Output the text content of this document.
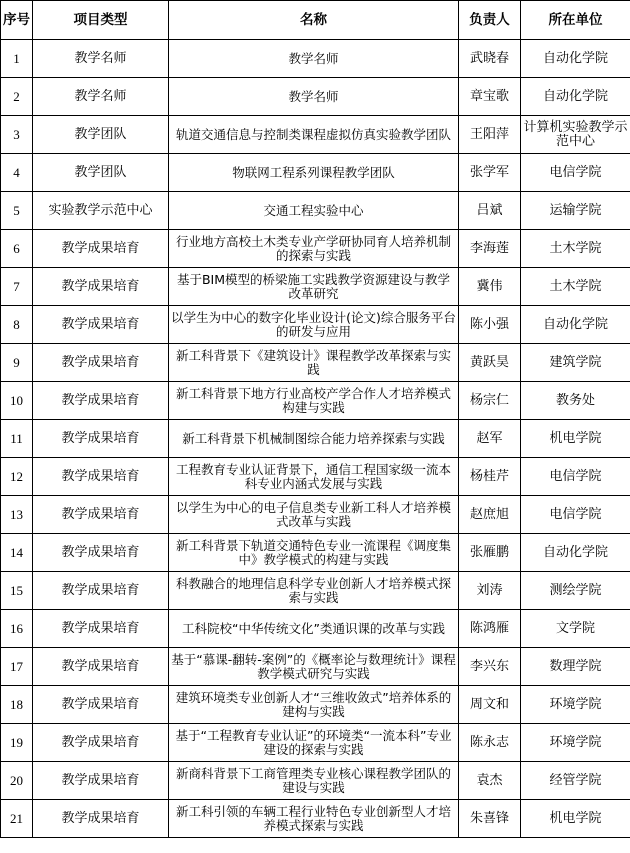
序号	项目类型	名称	负责人	所在单位
1	教学名师	教学名师	武晓春	自动化学院
2	教学名师	教学名师	章宝歌	自动化学院
3	教学团队	轨道交通信息与控制类课程虚拟仿真实验教学团队	王阳萍	计算机实验教学示范中心
4	教学团队	物联网工程系列课程教学团队	张学军	电信学院
5	实验教学示范中心	交通工程实验中心	吕斌	运输学院
6	教学成果培育	行业地方高校土木类专业产学研协同育人培养机制的探索与实践	李海莲	土木学院
7	教学成果培育	基于BIM模型的桥梁施工实践教学资源建设与教学改革研究	冀伟	土木学院
8	教学成果培育	以学生为中心的数字化毕业设计(论文)综合服务平台的研发与应用	陈小强	自动化学院
9	教学成果培育	新工科背景下《建筑设计》课程教学改革探索与实践	黄跃昊	建筑学院
10	教学成果培育	新工科背景下地方行业高校产学合作人才培养模式构建与实践	杨宗仁	教务处
11	教学成果培育	新工科背景下机械制图综合能力培养探索与实践	赵军	机电学院
12	教学成果培育	工程教育专业认证背景下，通信工程国家级一流本科专业内涵式发展与实践	杨桂芹	电信学院
13	教学成果培育	以学生为中心的电子信息类专业新工科人才培养模式改革与实践	赵庶旭	电信学院
14	教学成果培育	新工科背景下轨道交通特色专业一流课程《调度集中》教学模式的构建与实践	张雁鹏	自动化学院
15	教学成果培育	科教融合的地理信息科学专业创新人才培养模式探索与实践	刘涛	测绘学院
16	教学成果培育	工科院校“中华传统文化”类通识课的改革与实践	陈鸿雁	文学院
17	教学成果培育	基于“慕课-翻转-案例”的《概率论与数理统计》课程教学模式研究与实践	李兴东	数理学院
18	教学成果培育	建筑环境类专业创新人才“三维收敛式”培养体系的建构与实践	周文和	环境学院
19	教学成果培育	基于“工程教育专业认证”的环境类“一流本科”专业建设的探索与实践	陈永志	环境学院
20	教学成果培育	新商科背景下工商管理类专业核心课程教学团队的建设与实践	袁杰	经管学院
21	教学成果培育	新工科引领的车辆工程行业特色专业创新型人才培养模式探索与实践	朱喜锋	机电学院
